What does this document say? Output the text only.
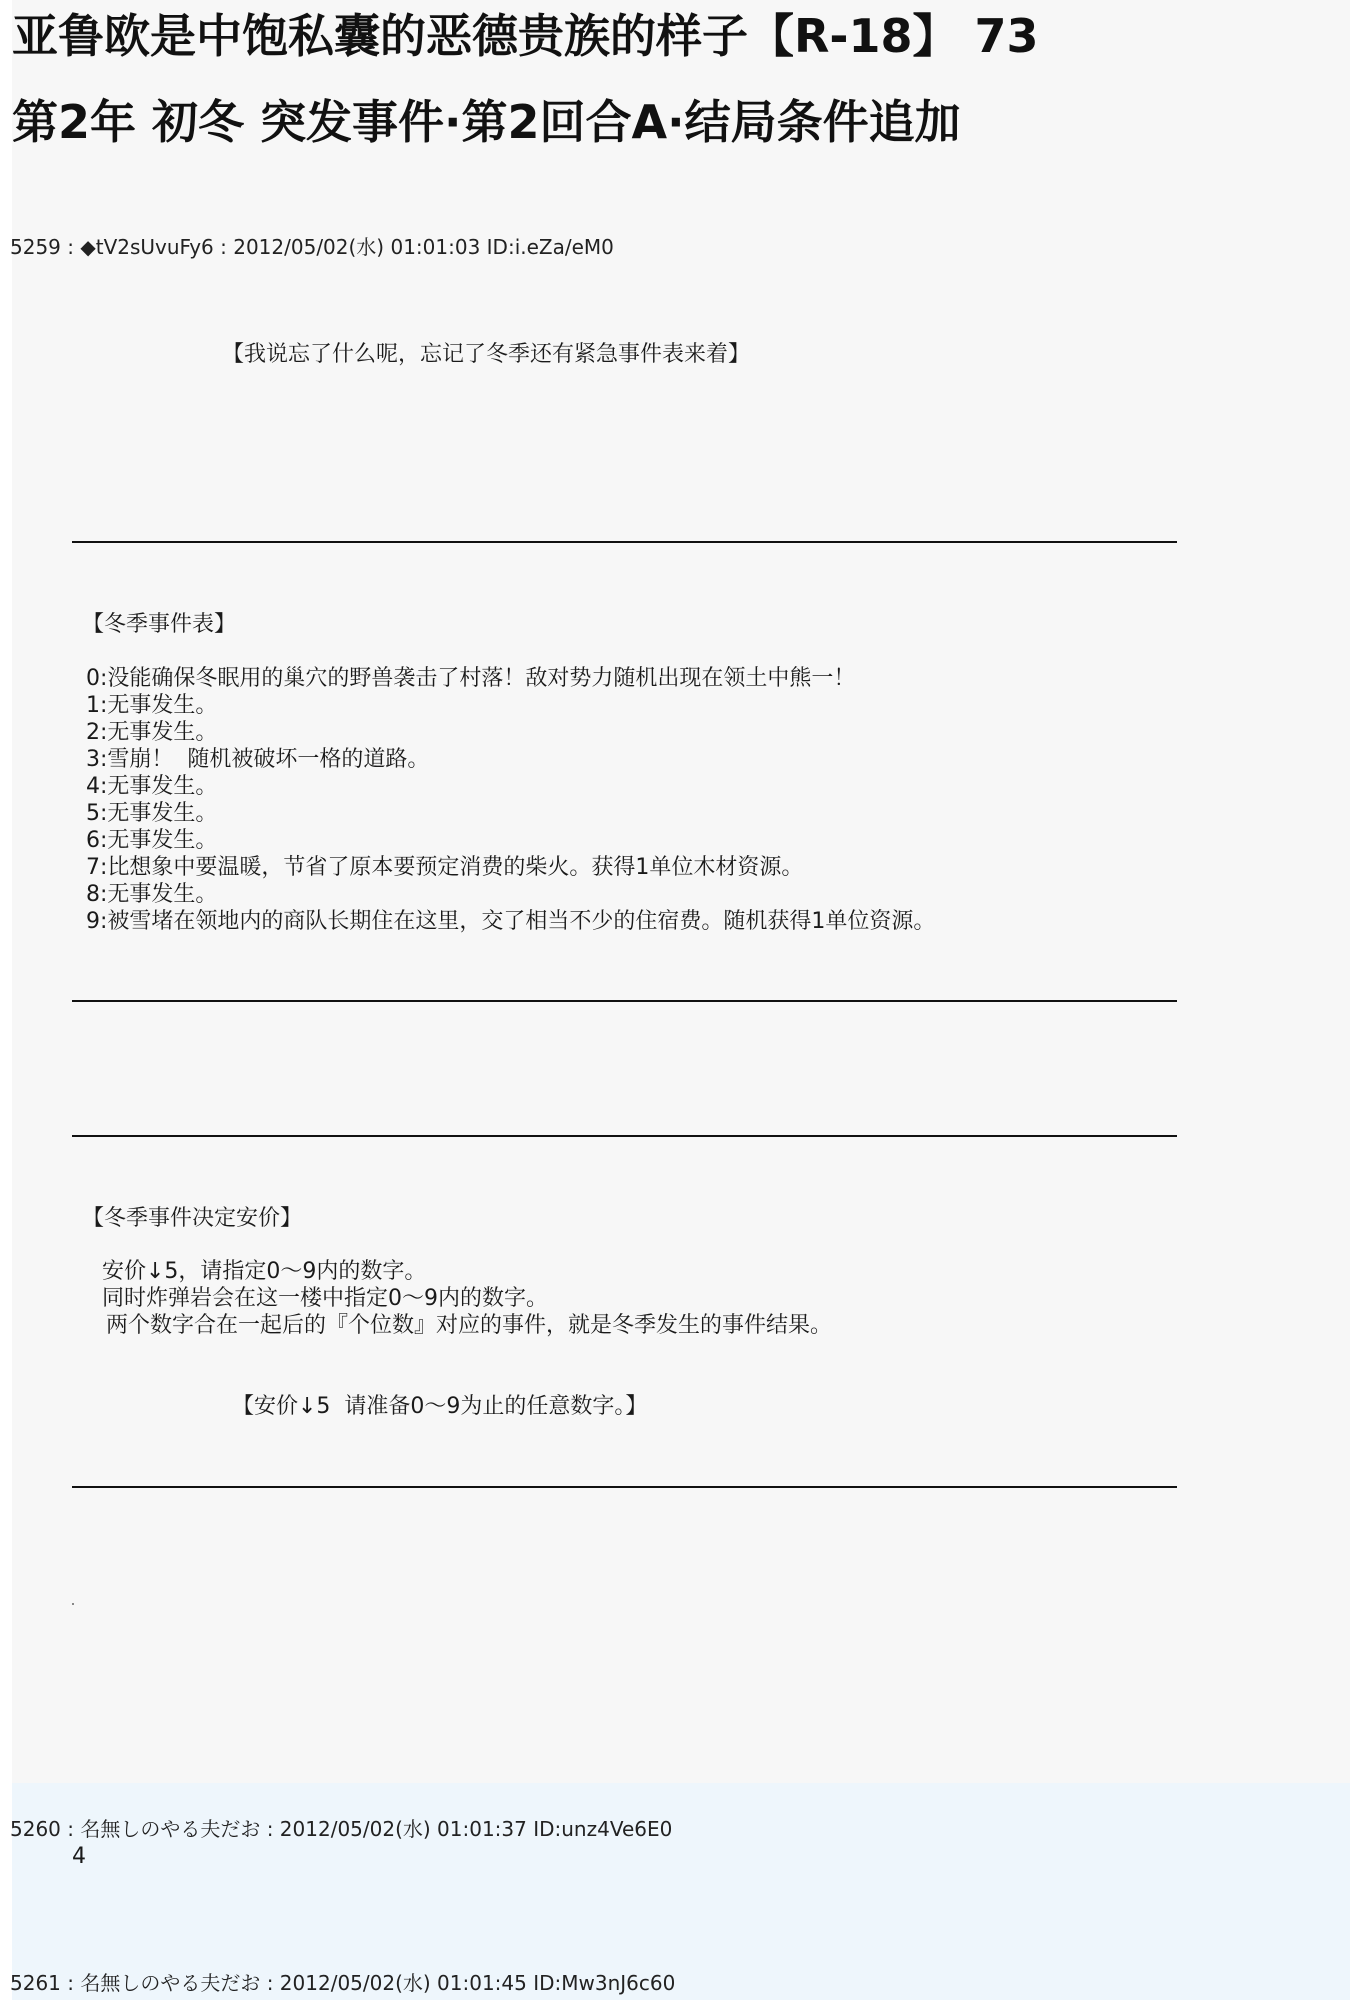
亚鲁欧是中饱私囊的恶德贵族的样子【R-18】 73
第2年 初冬 突发事件·第2回合A·结局条件追加
5259 : ◆tV2sUvuFy6 : 2012/05/02(水) 01:01:03 ID:i.eZa/eM0
【我说忘了什么呢，忘记了冬季还有紧急事件表来着】
【冬季事件表】
0:没能确保冬眠用的巢穴的野兽袭击了村落！敌对势力随机出现在领土中熊一！
1:无事发生。
2:无事发生。
3:雪崩！  随机被破坏一格的道路。
4:无事发生。
5:无事发生。
6:无事发生。
7:比想象中要温暖，节省了原本要预定消费的柴火。获得1单位木材资源。
8:无事发生。
9:被雪堵在领地内的商队长期住在这里，交了相当不少的住宿费。随机获得1单位资源。
【冬季事件决定安价】
安价↓5，请指定0～9内的数字。
同时炸弹岩会在这一楼中指定0～9内的数字。
两个数字合在一起后的『个位数』对应的事件，就是冬季发生的事件结果。
【安价↓5  请准备0～9为止的任意数字。】
5260 : 名無しのやる夫だお : 2012/05/02(水) 01:01:37 ID:unz4Ve6E0
4
5261 : 名無しのやる夫だお : 2012/05/02(水) 01:01:45 ID:Mw3nJ6c60
